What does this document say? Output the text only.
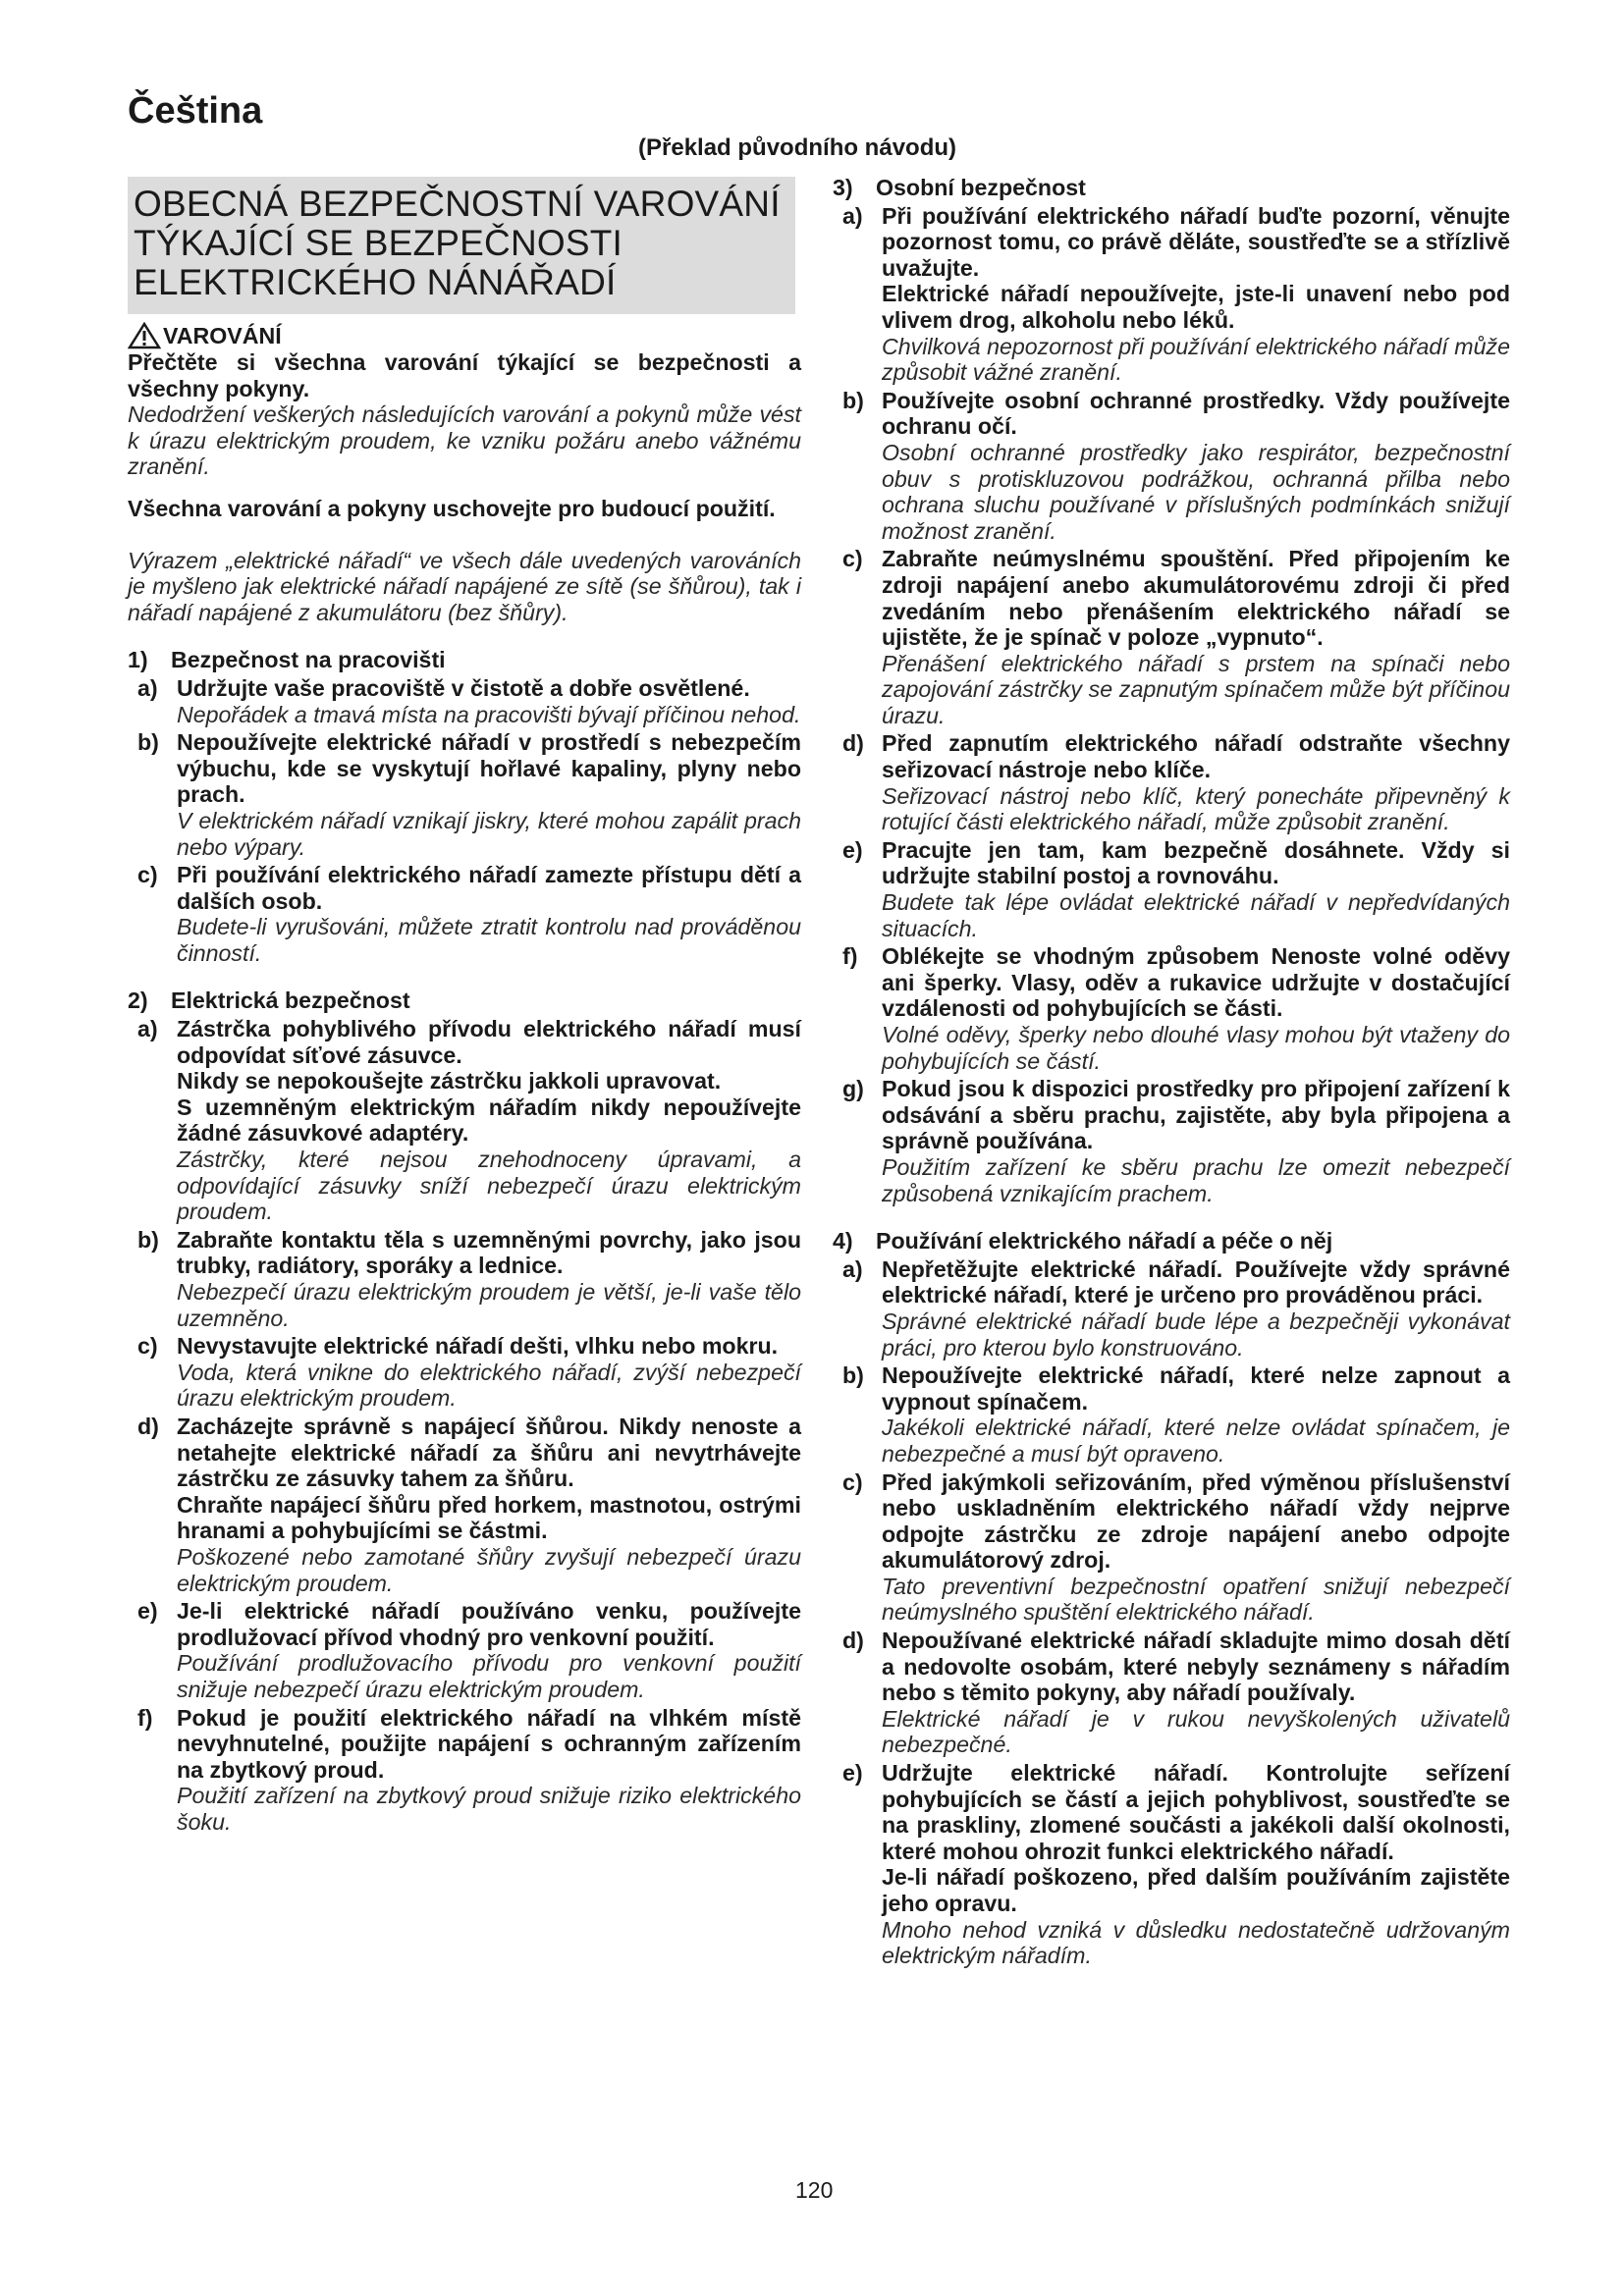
Čeština
(Překlad původního návodu)
OBECNÁ BEZPEČNOSTNÍ VAROVÁNÍ
TÝKAJÍCÍ SE BEZPEČNOSTI
ELEKTRICKÉHO NÁNÁŘADÍ
VAROVÁNÍ

Přečtěte si všechna varování týkající se bezpečnosti a všechny pokyny.

Nedodržení veškerých následujících varování a pokynů může vést k úrazu elektrickým proudem, ke vzniku požáru anebo vážnému zranění.

Všechna varování a pokyny uschovejte pro budoucí použití.

Výrazem „elektrické nářadí“ ve všech dále uvedených varováních je myšleno jak elektrické nářadí napájené ze sítě (se šňůrou), tak i nářadí napájené z akumulátoru (bez šňůry).

1)	Bezpečnost na pracovišti
a) Udržujte vaše pracoviště v čistotě a dobře osvětlené.

Nepořádek a tmavá místa na pracovišti bývají příčinou nehod.

b) Nepoužívejte elektrické nářadí v prostředí s nebezpečím výbuchu, kde se vyskytují hořlavé kapaliny, plyny nebo prach.

V elektrickém nářadí vznikají jiskry, které mohou zapálit prach nebo výpary.

c) Při používání elektrického nářadí zamezte přístupu dětí a dalších osob.

Budete-li vyrušováni, můžete ztratit kontrolu nad prováděnou činností.

2)	Elektrická bezpečnost
a) Zástrčka pohyblivého přívodu elektrického nářadí musí odpovídat síťové zásuvce.

Nikdy se nepokoušejte zástrčku jakkoli upravovat.

S uzemněným elektrickým nářadím nikdy nepoužívejte žádné zásuvkové adaptéry.

Zástrčky, které nejsou znehodnoceny úpravami, a odpovídající zásuvky sníží nebezpečí úrazu elektrickým proudem.

b) Zabraňte kontaktu těla s uzemněnými povrchy, jako jsou trubky, radiátory, sporáky a lednice.

Nebezpečí úrazu elektrickým proudem je větší, je-li vaše tělo uzemněno.

c) Nevystavujte elektrické nářadí dešti, vlhku nebo mokru.

Voda, která vnikne do elektrického nářadí, zvýší nebezpečí úrazu elektrickým proudem.

d) Zacházejte správně s napájecí šňůrou. Nikdy nenoste a netahejte elektrické nářadí za šňůru ani nevytrhávejte zástrčku ze zásuvky tahem za šňůru.

Chraňte napájecí šňůru před horkem, mastnotou, ostrými hranami a pohybujícími se částmi.

Poškozené nebo zamotané šňůry zvyšují nebezpečí úrazu elektrickým proudem.

e) Je-li elektrické nářadí používáno venku, používejte prodlužovací přívod vhodný pro venkovní použití.

Používání prodlužovacího přívodu pro venkovní použití snižuje nebezpečí úrazu elektrickým proudem.

f)	Pokud je použití elektrického nářadí na vlhkém místě nevyhnutelné, použijte napájení s ochranným zařízením na zbytkový proud.

Použití zařízení na zbytkový proud snižuje riziko elektrického šoku.

3)	Osobní bezpečnost
a) Při používání elektrického nářadí buďte pozorní, věnujte pozornost tomu, co právě děláte, soustřeďte se a střízlivě uvažujte.

Elektrické nářadí nepoužívejte, jste-li unavení nebo pod vlivem drog, alkoholu nebo léků.

Chvilková nepozornost při používání elektrického nářadí může způsobit vážné zranění.

b) Používejte osobní ochranné prostředky. Vždy používejte ochranu očí.

Osobní ochranné prostředky jako respirátor, bezpečnostní obuv s protiskluzovou podrážkou, ochranná přilba nebo ochrana sluchu používané v příslušných podmínkách snižují možnost zranění.

c) Zabraňte neúmyslnému spouštění. Před připojením ke zdroji napájení anebo akumulátorovému zdroji či před zvedáním nebo přenášením elektrického nářadí se ujistěte, že je spínač v poloze „vypnuto“.

Přenášení elektrického nářadí s prstem na spínači nebo zapojování zástrčky se zapnutým spínačem může být příčinou úrazu.

d) Před zapnutím elektrického nářadí odstraňte všechny seřizovací nástroje nebo klíče.

Seřizovací nástroj nebo klíč, který ponecháte připevněný k rotující části elektrického nářadí, může způsobit zranění.

e) Pracujte jen tam, kam bezpečně dosáhnete. Vždy si udržujte stabilní postoj a rovnováhu.

Budete tak lépe ovládat elektrické nářadí v nepředvídaných situacích.

f)	Oblékejte se vhodným způsobem Nenoste volné oděvy ani šperky. Vlasy, oděv a rukavice udržujte v dostačující vzdálenosti od pohybujících se části.

Volné oděvy, šperky nebo dlouhé vlasy mohou být vtaženy do pohybujících se částí.

g) Pokud jsou k dispozici prostředky pro připojení zařízení k odsávání a sběru prachu, zajistěte, aby byla připojena a správně používána.

Použitím zařízení ke sběru prachu lze omezit nebezpečí způsobená vznikajícím prachem.

4)	Používání elektrického nářadí a péče o něj
a) Nepřetěžujte elektrické nářadí. Používejte vždy správné elektrické nářadí, které je určeno pro prováděnou práci.

Správné elektrické nářadí bude lépe a bezpečněji vykonávat práci, pro kterou bylo konstruováno.

b) Nepoužívejte elektrické nářadí, které nelze zapnout a vypnout spínačem.

Jakékoli elektrické nářadí, které nelze ovládat spínačem, je nebezpečné a musí být opraveno.

c) Před jakýmkoli seřizováním, před výměnou příslušenství nebo uskladněním elektrického nářadí vždy nejprve odpojte zástrčku ze zdroje napájení anebo odpojte akumulátorový zdroj.

Tato preventivní bezpečnostní opatření snižují nebezpečí neúmyslného spuštění elektrického nářadí.

d) Nepoužívané elektrické nářadí skladujte mimo dosah dětí a nedovolte osobám, které nebyly seznámeny s nářadím nebo s těmito pokyny, aby nářadí používaly.

Elektrické nářadí je v rukou nevyškolených uživatelů nebezpečné.

e) Udržujte elektrické nářadí. Kontrolujte seřízení pohybujících se částí a jejich pohyblivost, soustřeďte se na praskliny, zlomené součásti a jakékoli další okolnosti, které mohou ohrozit funkci elektrického nářadí.

Je-li nářadí poškozeno, před dalším používáním zajistěte jeho opravu.

Mnoho nehod vzniká v důsledku nedostatečně udržovaným elektrickým nářadím.

120
